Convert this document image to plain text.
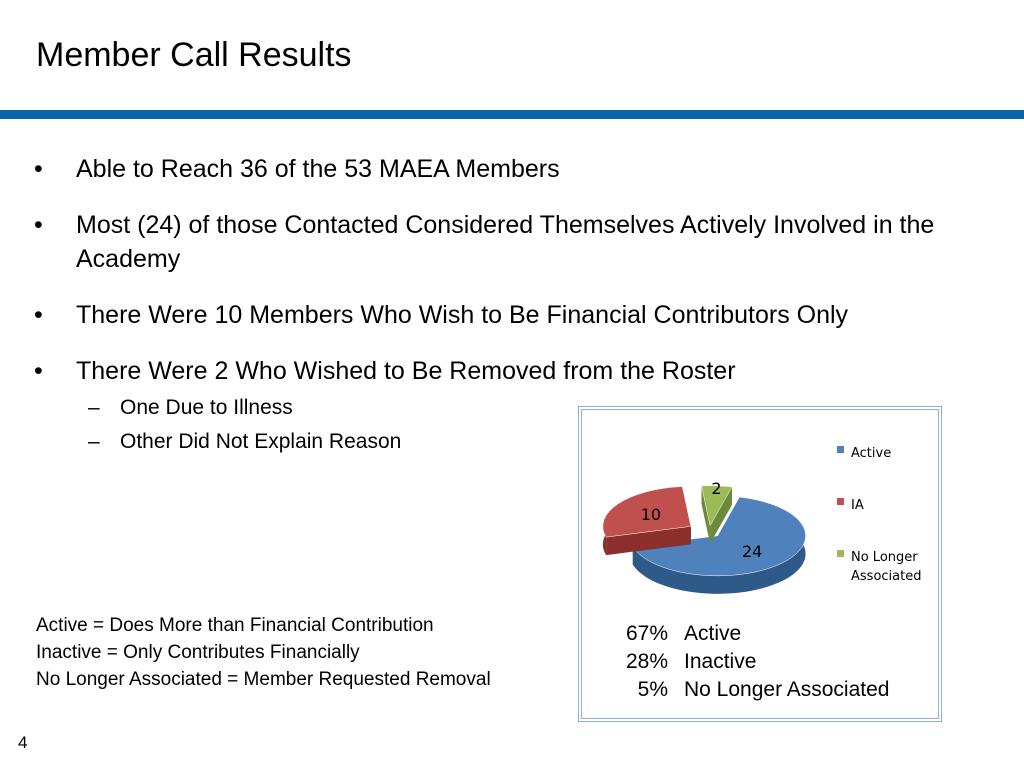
Member Call Results
• Able to Reach 36 of the 53 MAEA Members
• Most (24) of those Contacted Considered Themselves Actively Involved in the Academy
• There Were 10 Members Who Wish to Be Financial Contributors Only
• There Were 2 Who Wished to Be Removed from the Roster
– One Due to Illness
– Other Did Not Explain Reason
Active = Does More than Financial Contribution
Inactive = Only Contributes Financially
No Longer Associated = Member Requested Removal
24
10
2
Active
IA
No Longer
Associated
67% Active
28% Inactive
5% No Longer Associated
4
